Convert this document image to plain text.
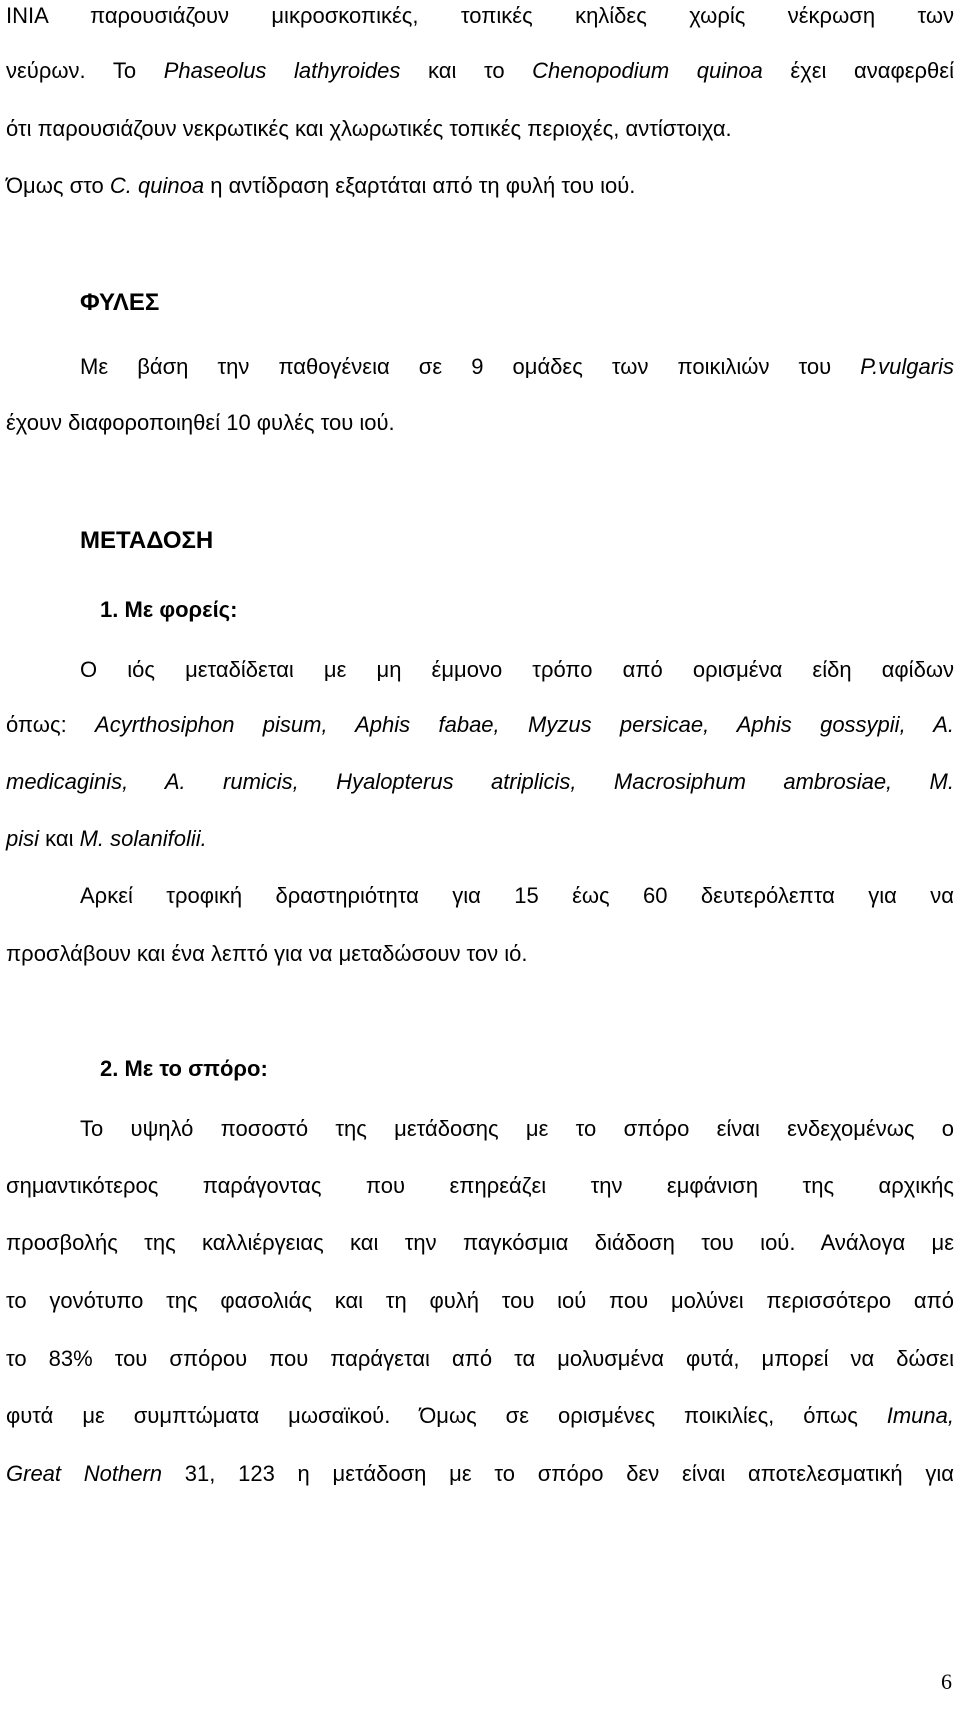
ΙΝΙΑ παρουσιάζουν μικροσκοπικές, τοπικές κηλίδες χωρίς νέκρωση των
νεύρων. Το Phaseolus lathyroides και το Chenopodium quinoa έχει αναφερθεί
ότι παρουσιάζουν νεκρωτικές και χλωρωτικές τοπικές περιοχές, αντίστοιχα.
Όμως στο C. quinoa η αντίδραση εξαρτάται από τη φυλή του ιού.
ΦΥΛΕΣ
Με βάση την παθογένεια σε 9 ομάδες των ποικιλιών του P.vulgaris
έχουν διαφοροποιηθεί 10 φυλές του ιού.
ΜΕΤΑΔΟΣΗ
1. Με φορείς:
Ο ιός μεταδίδεται με μη έμμονο τρόπο από ορισμένα είδη αφίδων
όπως: Acyrthosiphon pisum, Aphis fabae, Myzus persicae, Aphis gossypii, A.
medicaginis, A. rumicis, Hyalopterus atriplicis, Macrosiphum ambrosiae, M.
pisi και M. solanifolii.
Αρκεί τροφική δραστηριότητα για 15 έως 60 δευτερόλεπτα για να
προσλάβουν και ένα λεπτό για να μεταδώσουν τον ιό.
2. Με το σπόρο:
Το υψηλό ποσοστό της μετάδοσης με το σπόρο είναι ενδεχομένως ο
σημαντικότερος παράγοντας που επηρεάζει την εμφάνιση της αρχικής
προσβολής της καλλιέργειας και την παγκόσμια διάδοση του ιού. Ανάλογα με
το γονότυπο της φασολιάς και τη φυλή του ιού που μολύνει περισσότερο από
το 83% του σπόρου που παράγεται από τα μολυσμένα φυτά, μπορεί να δώσει
φυτά με συμπτώματα μωσαϊκού. Όμως σε ορισμένες ποικιλίες, όπως Imuna,
Great Nothern 31, 123 η μετάδοση με το σπόρο δεν είναι αποτελεσματική για
6
